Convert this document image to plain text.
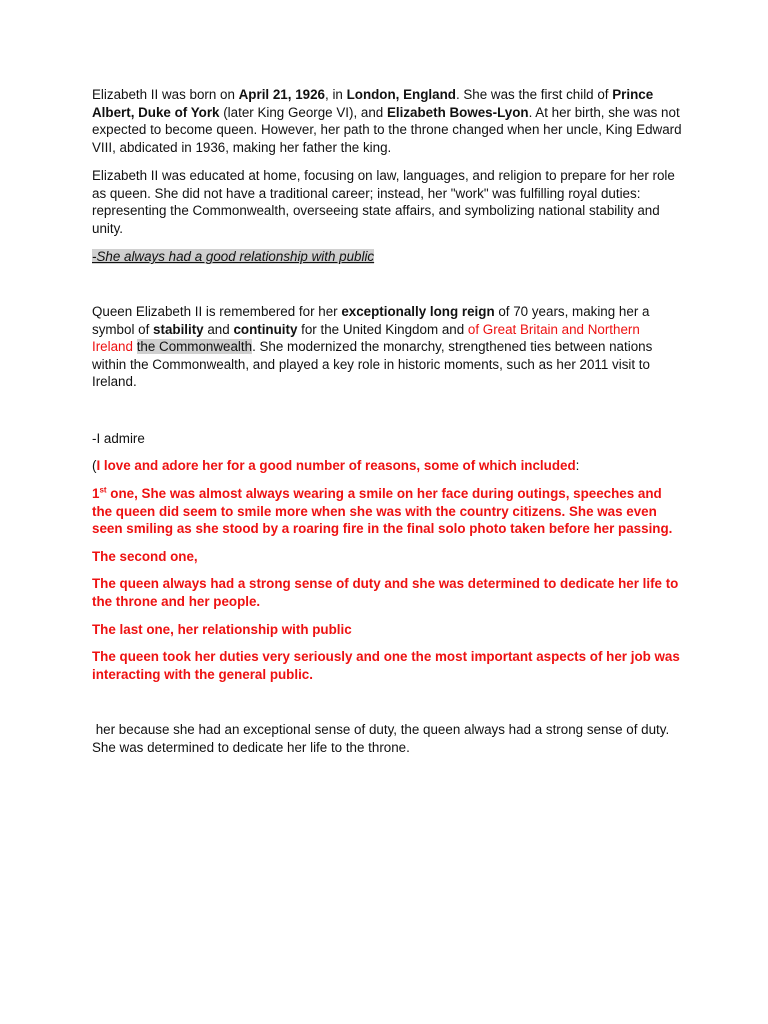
Elizabeth II was born on April 21, 1926, in London, England. She was the first child of Prince Albert, Duke of York (later King George VI), and Elizabeth Bowes-Lyon. At her birth, she was not expected to become queen. However, her path to the throne changed when her uncle, King Edward VIII, abdicated in 1936, making her father the king.

Elizabeth II was educated at home, focusing on law, languages, and religion to prepare for her role as queen. She did not have a traditional career; instead, her "work" was fulfilling royal duties: representing the Commonwealth, overseeing state affairs, and symbolizing national stability and unity.

-She always had a good relationship with public

Queen Elizabeth II is remembered for her exceptionally long reign of 70 years, making her a symbol of stability and continuity for the United Kingdom and of Great Britain and Northern Ireland the Commonwealth. She modernized the monarchy, strengthened ties between nations within the Commonwealth, and played a key role in historic moments, such as her 2011 visit to Ireland.

-I admire

(I love and adore her for a good number of reasons, some of which included:

1st one, She was almost always wearing a smile on her face during outings, speeches and the queen did seem to smile more when she was with the country citizens. She was even seen smiling as she stood by a roaring fire in the final solo photo taken before her passing.

The second one,

The queen always had a strong sense of duty and she was determined to dedicate her life to the throne and her people.

The last one, her relationship with public

The queen took her duties very seriously and one the most important aspects of her job was interacting with the general public.

her because she had an exceptional sense of duty, the queen always had a strong sense of duty. She was determined to dedicate her life to the throne.
